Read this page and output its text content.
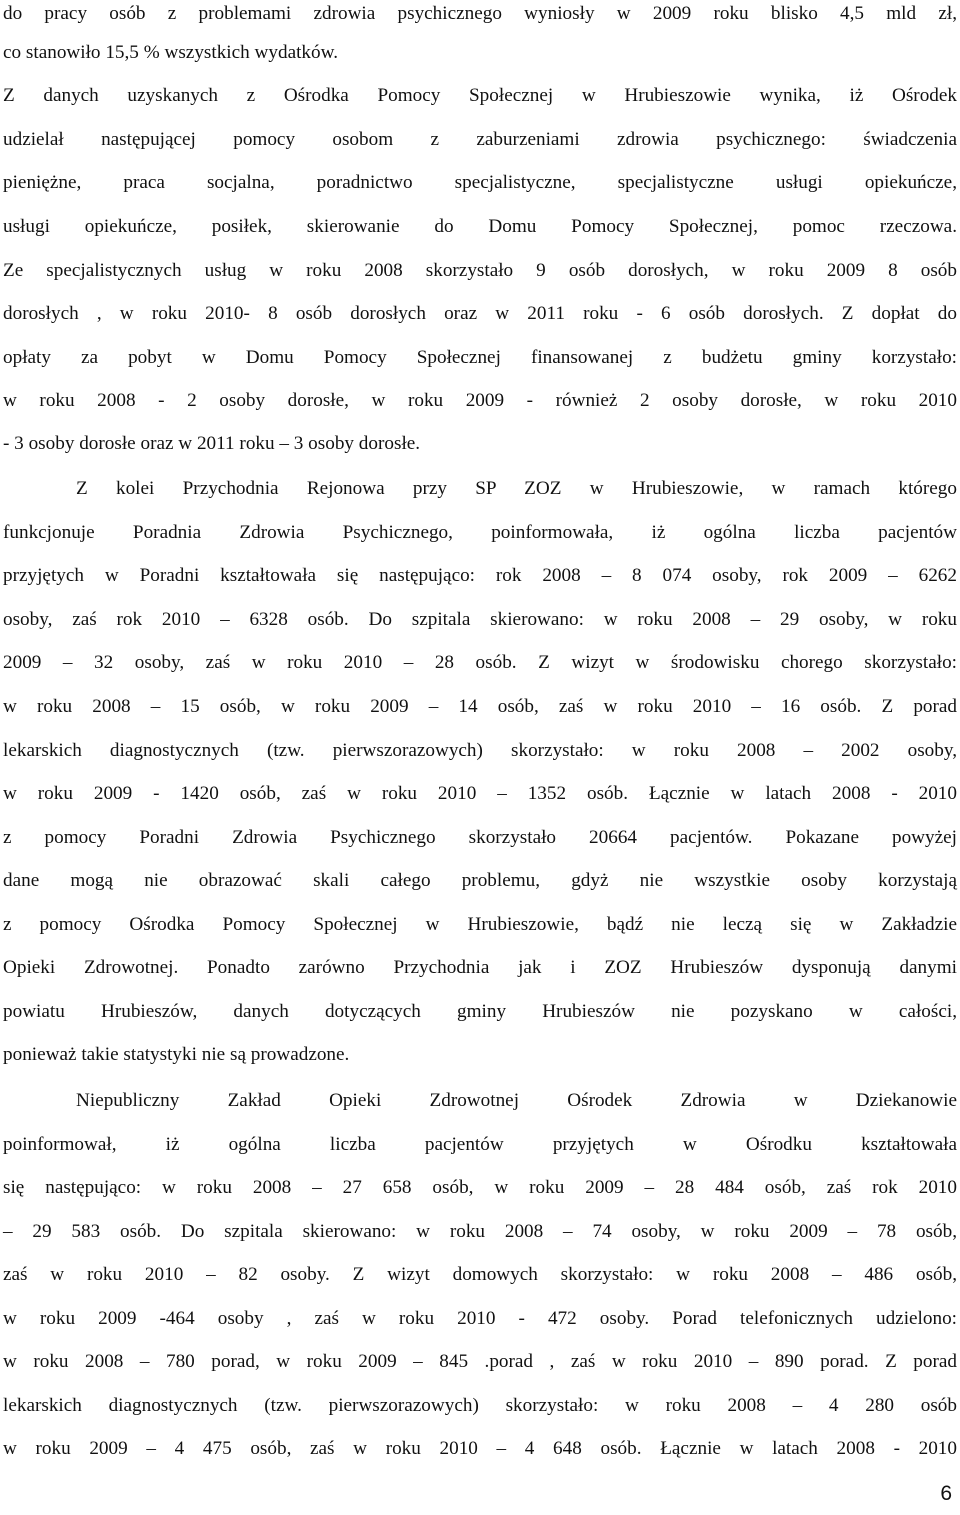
do pracy osób z problemami zdrowia psychicznego wyniosły w 2009 roku blisko 4,5 mld zł,

co stanowiło 15,5 % wszystkich wydatków.

Z danych uzyskanych z Ośrodka Pomocy Społecznej w Hrubieszowie wynika, iż Ośrodek

udzielał następującej pomocy osobom z zaburzeniami zdrowia psychicznego: świadczenia

pieniężne, praca socjalna, poradnictwo specjalistyczne, specjalistyczne usługi opiekuńcze,

usługi opiekuńcze, posiłek, skierowanie do Domu Pomocy Społecznej, pomoc rzeczowa.

Ze specjalistycznych usług w roku 2008 skorzystało 9 osób dorosłych, w roku 2009 8 osób

dorosłych , w roku 2010- 8 osób dorosłych oraz w 2011 roku - 6 osób dorosłych. Z dopłat do

opłaty za pobyt w Domu Pomocy Społecznej finansowanej z budżetu gminy korzystało:

w roku 2008 - 2 osoby dorosłe, w roku 2009 - również 2 osoby dorosłe, w roku 2010

- 3 osoby dorosłe oraz w 2011 roku – 3 osoby dorosłe.

Z kolei Przychodnia Rejonowa przy SP ZOZ w Hrubieszowie, w ramach którego

funkcjonuje Poradnia Zdrowia Psychicznego, poinformowała, iż ogólna liczba pacjentów

przyjętych w Poradni kształtowała się następująco: rok 2008 – 8 074 osoby, rok 2009 – 6262

osoby, zaś rok 2010 – 6328 osób. Do szpitala skierowano: w roku 2008 – 29 osoby, w roku

2009 – 32 osoby, zaś w roku 2010 – 28 osób. Z wizyt w środowisku chorego skorzystało:

w roku 2008 – 15 osób, w roku 2009 – 14 osób, zaś w roku 2010 – 16 osób. Z porad

lekarskich diagnostycznych (tzw. pierwszorazowych) skorzystało: w roku 2008 – 2002 osoby,

w roku 2009 - 1420 osób, zaś w roku 2010 – 1352 osób. Łącznie w latach 2008 - 2010

z pomocy Poradni Zdrowia Psychicznego skorzystało 20664 pacjentów. Pokazane powyżej

dane mogą nie obrazować skali całego problemu, gdyż nie wszystkie osoby korzystają

z pomocy Ośrodka Pomocy Społecznej w Hrubieszowie, bądź nie leczą się w Zakładzie

Opieki Zdrowotnej. Ponadto zarówno Przychodnia jak i ZOZ Hrubieszów dysponują danymi

powiatu Hrubieszów, danych dotyczących gminy Hrubieszów nie pozyskano w całości,

ponieważ takie statystyki nie są prowadzone.

Niepubliczny Zakład Opieki Zdrowotnej Ośrodek Zdrowia w Dziekanowie

poinformował, iż ogólna liczba pacjentów przyjętych w Ośrodku kształtowała

się następująco: w roku 2008 – 27 658 osób, w roku 2009 – 28 484 osób, zaś rok 2010

– 29 583 osób. Do szpitala skierowano: w roku 2008 – 74 osoby, w roku 2009 – 78 osób,

zaś w roku 2010 – 82 osoby. Z wizyt domowych skorzystało: w roku 2008 – 486 osób,

w roku 2009 -464 osoby , zaś w roku 2010 - 472 osoby. Porad telefonicznych udzielono:

w roku 2008 – 780 porad, w roku 2009 – 845 .porad , zaś w roku 2010 – 890 porad. Z porad

lekarskich diagnostycznych (tzw. pierwszorazowych) skorzystało: w roku 2008 – 4 280 osób

w roku 2009 – 4 475 osób, zaś w roku 2010 – 4 648 osób. Łącznie w latach 2008 - 2010

6
